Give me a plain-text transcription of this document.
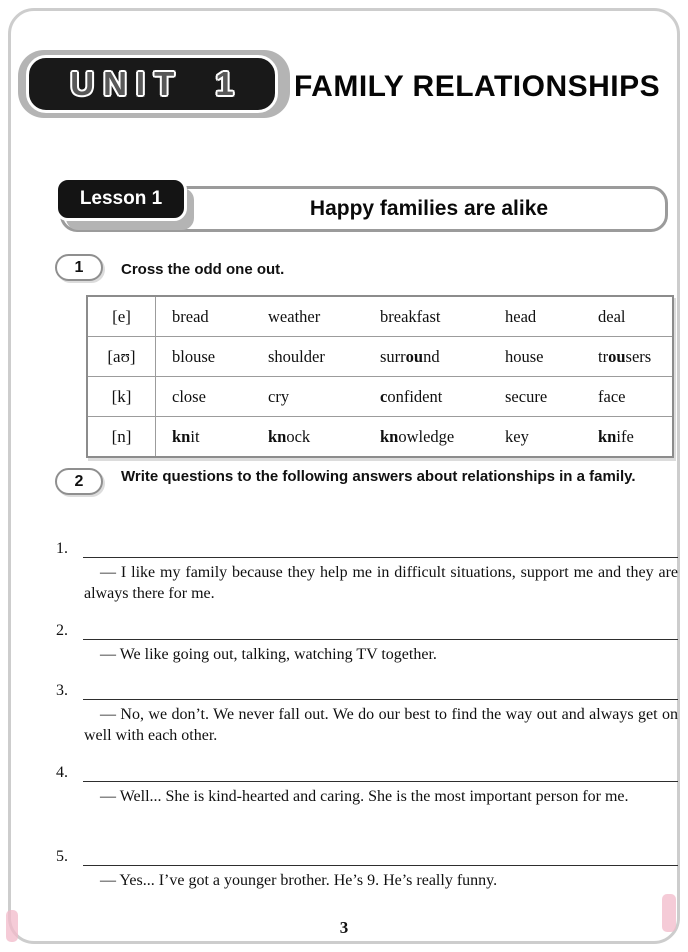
UNIT 1 FAMILY RELATIONSHIPS
Happy families are alike
Lesson 1
1	Cross the odd one out.
[e]	bread	weather	breakfast	head	deal
[aʊ]	blouse	shoulder	surround	house	trousers
[k]	close	cry	confident	secure	face
[n]	knit	knock	knowledge	key	knife
2	Write questions to the following answers about relationships in a family.
1.

— I like my family because they help me in difficult situations, support me and they are always there for me.

2.

— We like going out, talking, watching TV together.

3.

— No, we don’t. We never fall out. We do our best to find the way out and always get on well with each other.

4.

— Well... She is kind-hearted and caring. She is the most important person for me.

5.

— Yes... I’ve got a younger brother. He’s 9. He’s really funny.

3
